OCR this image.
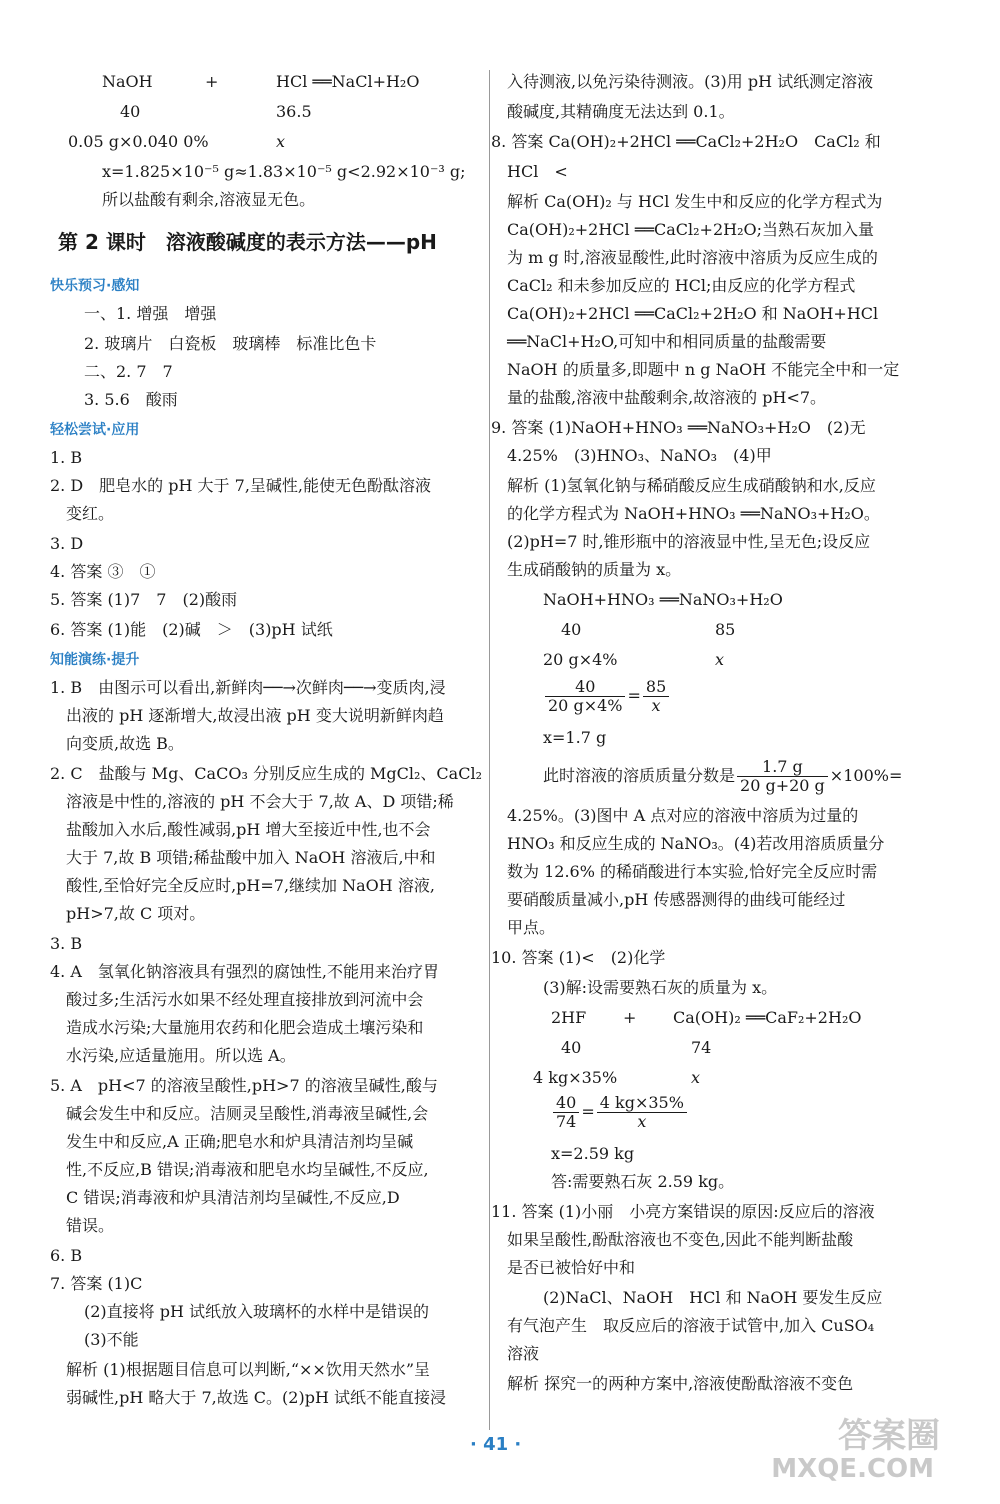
NaOH	+	HCl ══NaCl+H₂O
40	36.5
0.05 g×0.040 0%	x
x=1.825×10⁻⁵ g≈1.83×10⁻⁵ g<2.92×10⁻³ g;
所以盐酸有剩余,溶液显无色。
第 2 课时　溶液酸碱度的表示方法——pH
快乐预习·感知
一、1. 增强　增强
2. 玻璃片　白瓷板　玻璃棒　标准比色卡
二、2. 7　7
3. 5.6　酸雨
轻松尝试·应用
1. B
2. D　肥皂水的 pH 大于 7,呈碱性,能使无色酚酞溶液
变红。
3. D
4. 答案 ③　①
5. 答案 (1)7　7　(2)酸雨
6. 答案 (1)能　(2)碱　＞　(3)pH 试纸
知能演练·提升
1. B　由图示可以看出,新鲜肉──→次鲜肉──→变质肉,浸
出液的 pH 逐渐增大,故浸出液 pH 变大说明新鲜肉趋
向变质,故选 B。
2. C　盐酸与 Mg、CaCO₃ 分别反应生成的 MgCl₂、CaCl₂
溶液是中性的,溶液的 pH 不会大于 7,故 A、D 项错;稀
盐酸加入水后,酸性减弱,pH 增大至接近中性,也不会
大于 7,故 B 项错;稀盐酸中加入 NaOH 溶液后,中和
酸性,至恰好完全反应时,pH=7,继续加 NaOH 溶液,
pH>7,故 C 项对。
3. B
4. A　氢氧化钠溶液具有强烈的腐蚀性,不能用来治疗胃
酸过多;生活污水如果不经处理直接排放到河流中会
造成水污染;大量施用农药和化肥会造成土壤污染和
水污染,应适量施用。所以选 A。
5. A　pH<7 的溶液呈酸性,pH>7 的溶液呈碱性,酸与
碱会发生中和反应。洁厕灵呈酸性,消毒液呈碱性,会
发生中和反应,A 正确;肥皂水和炉具清洁剂均呈碱
性,不反应,B 错误;消毒液和肥皂水均呈碱性,不反应,
C 错误;消毒液和炉具清洁剂均呈碱性,不反应,D
错误。
6. B
7. 答案 (1)C
(2)直接将 pH 试纸放入玻璃杯的水样中是错误的
(3)不能
解析 (1)根据题目信息可以判断,“××饮用天然水”呈
弱碱性,pH 略大于 7,故选 C。(2)pH 试纸不能直接浸
入待测液,以免污染待测液。(3)用 pH 试纸测定溶液
酸碱度,其精确度无法达到 0.1。
8. 答案 Ca(OH)₂+2HCl ══CaCl₂+2H₂O　CaCl₂ 和
HCl　<
解析 Ca(OH)₂ 与 HCl 发生中和反应的化学方程式为
Ca(OH)₂+2HCl ══CaCl₂+2H₂O;当熟石灰加入量
为 m g 时,溶液显酸性,此时溶液中溶质为反应生成的
CaCl₂ 和未参加反应的 HCl;由反应的化学方程式
Ca(OH)₂+2HCl ══CaCl₂+2H₂O 和 NaOH+HCl
══NaCl+H₂O,可知中和相同质量的盐酸需要
NaOH 的质量多,即题中 n g NaOH 不能完全中和一定
量的盐酸,溶液中盐酸剩余,故溶液的 pH<7。
9. 答案 (1)NaOH+HNO₃ ══NaNO₃+H₂O　(2)无
4.25%　(3)HNO₃、NaNO₃　(4)甲
解析 (1)氢氧化钠与稀硝酸反应生成硝酸钠和水,反应
的化学方程式为 NaOH+HNO₃ ══NaNO₃+H₂O。
(2)pH=7 时,锥形瓶中的溶液显中性,呈无色;设反应
生成硝酸钠的质量为 x。
NaOH+HNO₃ ══NaNO₃+H₂O
40	85
20 g×4%	x
$\frac{40}{20 g\times 4\%} = \frac{85}{x}$
x=1.7 g
此时溶液的溶质质量分数是 $\frac{1.7 g}{20 g+20 g} \times 100\%=$
4.25%。(3)图中 A 点对应的溶液中溶质为过量的
HNO₃ 和反应生成的 NaNO₃。(4)若改用溶质质量分
数为 12.6% 的稀硝酸进行本实验,恰好完全反应时需
要硝酸质量减小,pH 传感器测得的曲线可能经过
甲点。
10. 答案 (1)<　(2)化学
(3)解:设需要熟石灰的质量为 x。
2HF + Ca(OH)₂ ══CaF₂+2H₂O
40	74
4 kg×35%	x
$\frac{40}{74} = \frac{4 kg\times 35\%}{x}$
x=2.59 kg
答:需要熟石灰 2.59 kg。
11. 答案 (1)小丽　小亮方案错误的原因:反应后的溶液
如果呈酸性,酚酞溶液也不变色,因此不能判断盐酸
是否已被恰好中和
(2)NaCl、NaOH　HCl 和 NaOH 要发生反应
有气泡产生　取反应后的溶液于试管中,加入 CuSO₄
溶液
解析 探究一的两种方案中,溶液使酚酞溶液不变色
· 41 ·	答案圈
MXQE.COM
